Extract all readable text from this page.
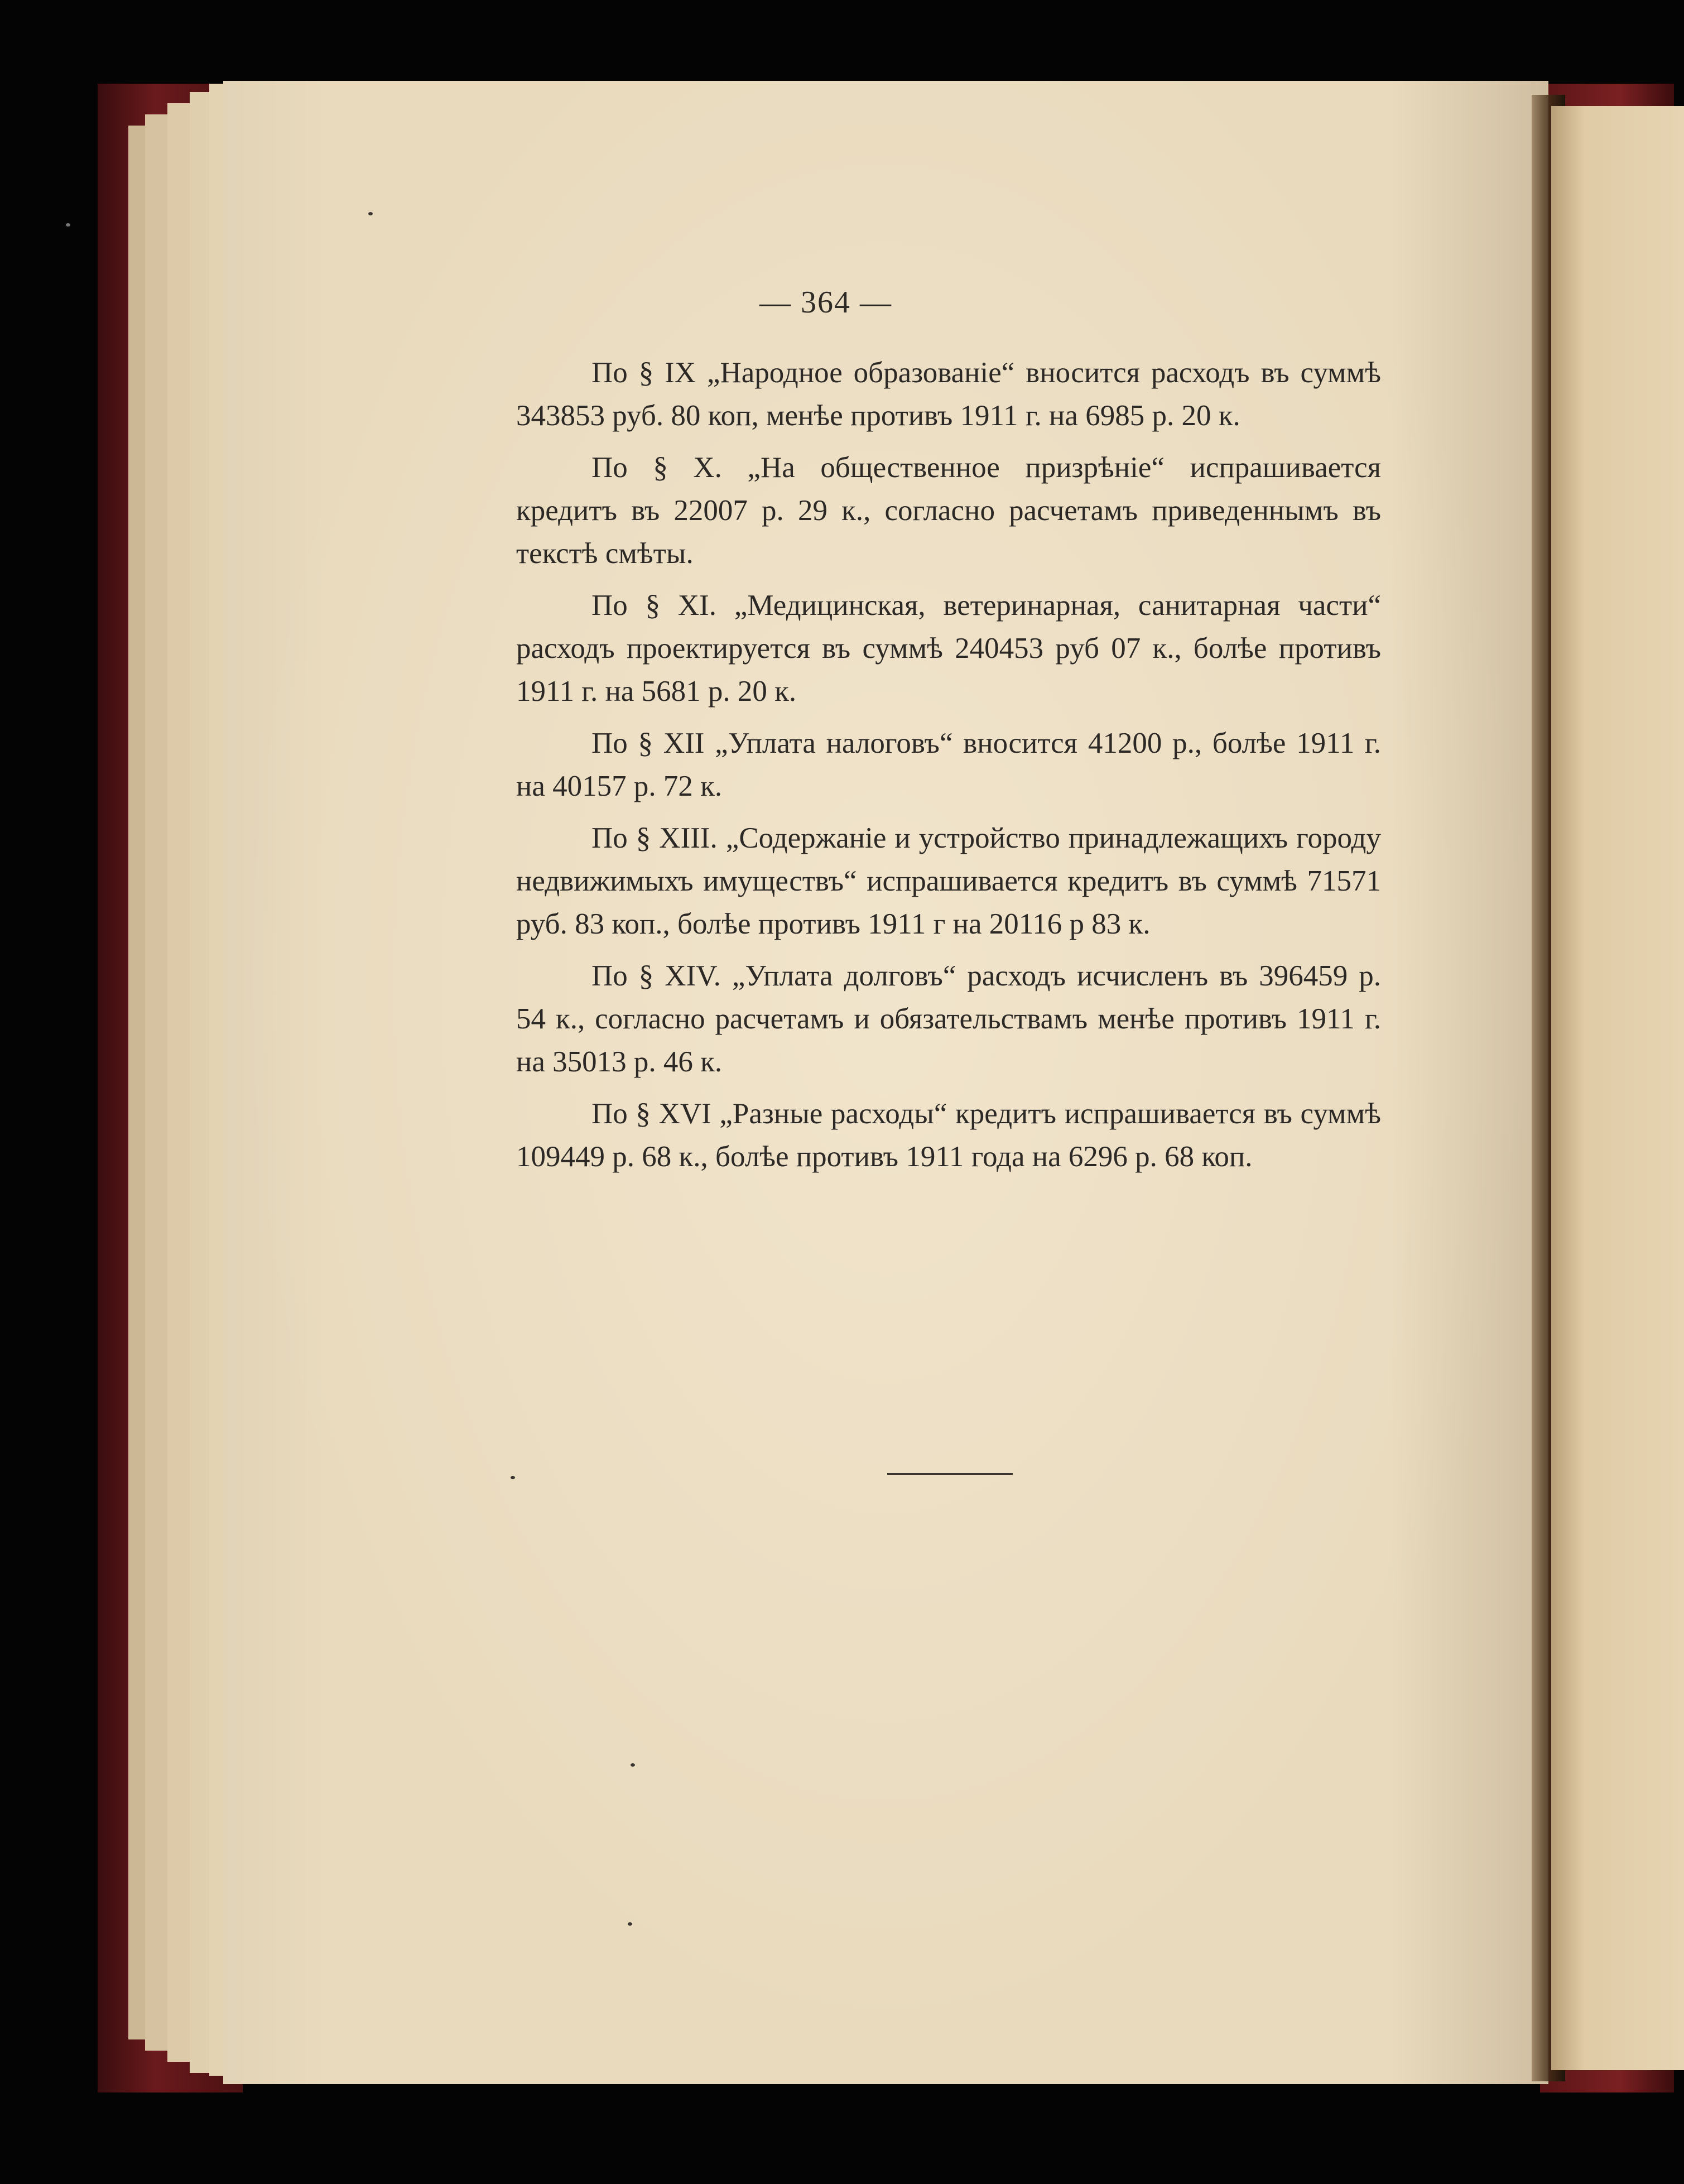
— 364 —

По § IX „Народное образованіе“ вносится расходъ въ суммѣ 343853 руб. 80 коп, менѣе противъ 1911 г. на 6985 р. 20 к.

По § X. „На общественное призрѣніе“ испрашивается кредитъ въ 22007 р. 29 к., согласно расчетамъ приведеннымъ въ текстѣ смѣты.

По § XI. „Медицинская, ветеринарная, санитарная части“ расходъ проектируется въ суммѣ 240453 руб 07 к., болѣе противъ 1911 г. на 5681 р. 20 к.

По § XII „Уплата налоговъ“ вносится 41200 р., болѣе 1911 г. на 40157 р. 72 к.

По § XIII. „Содержаніе и устройство принадлежащихъ городу недвижимыхъ имуществъ“ испрашивается кредитъ въ суммѣ 71571 руб. 83 коп., болѣе противъ 1911 г на 20116 р 83 к.

По § XIV. „Уплата долговъ“ расходъ исчисленъ въ 396459 р. 54 к., согласно расчетамъ и обязательствамъ менѣе противъ 1911 г. на 35013 р. 46 к.

По § XVI „Разные расходы“ кредитъ испрашивается въ суммѣ 109449 р. 68 к., болѣе противъ 1911 года на 6296 р. 68 коп.
